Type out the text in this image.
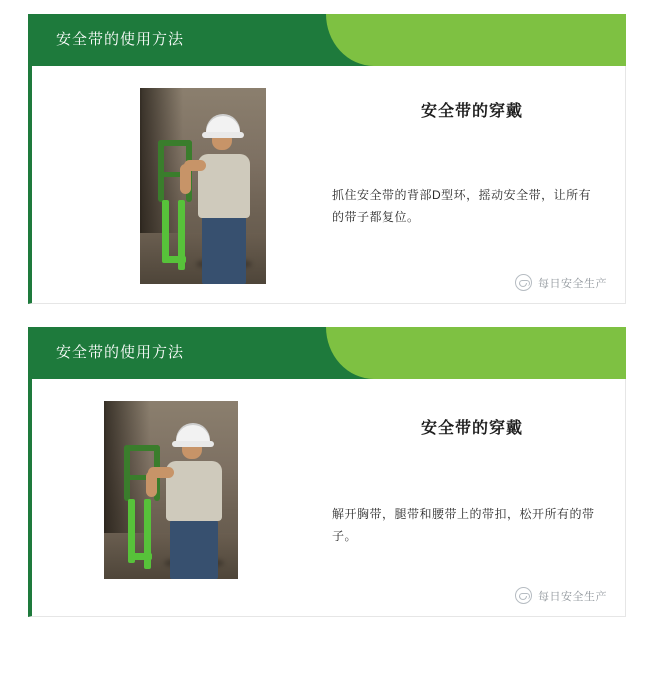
安全带的使用方法
安全带的穿戴
抓住安全带的背部D型环，摇动安全带，让所有的带子都复位。
每日安全生产
安全带的使用方法
安全带的穿戴
解开胸带，腿带和腰带上的带扣，松开所有的带子。
每日安全生产
